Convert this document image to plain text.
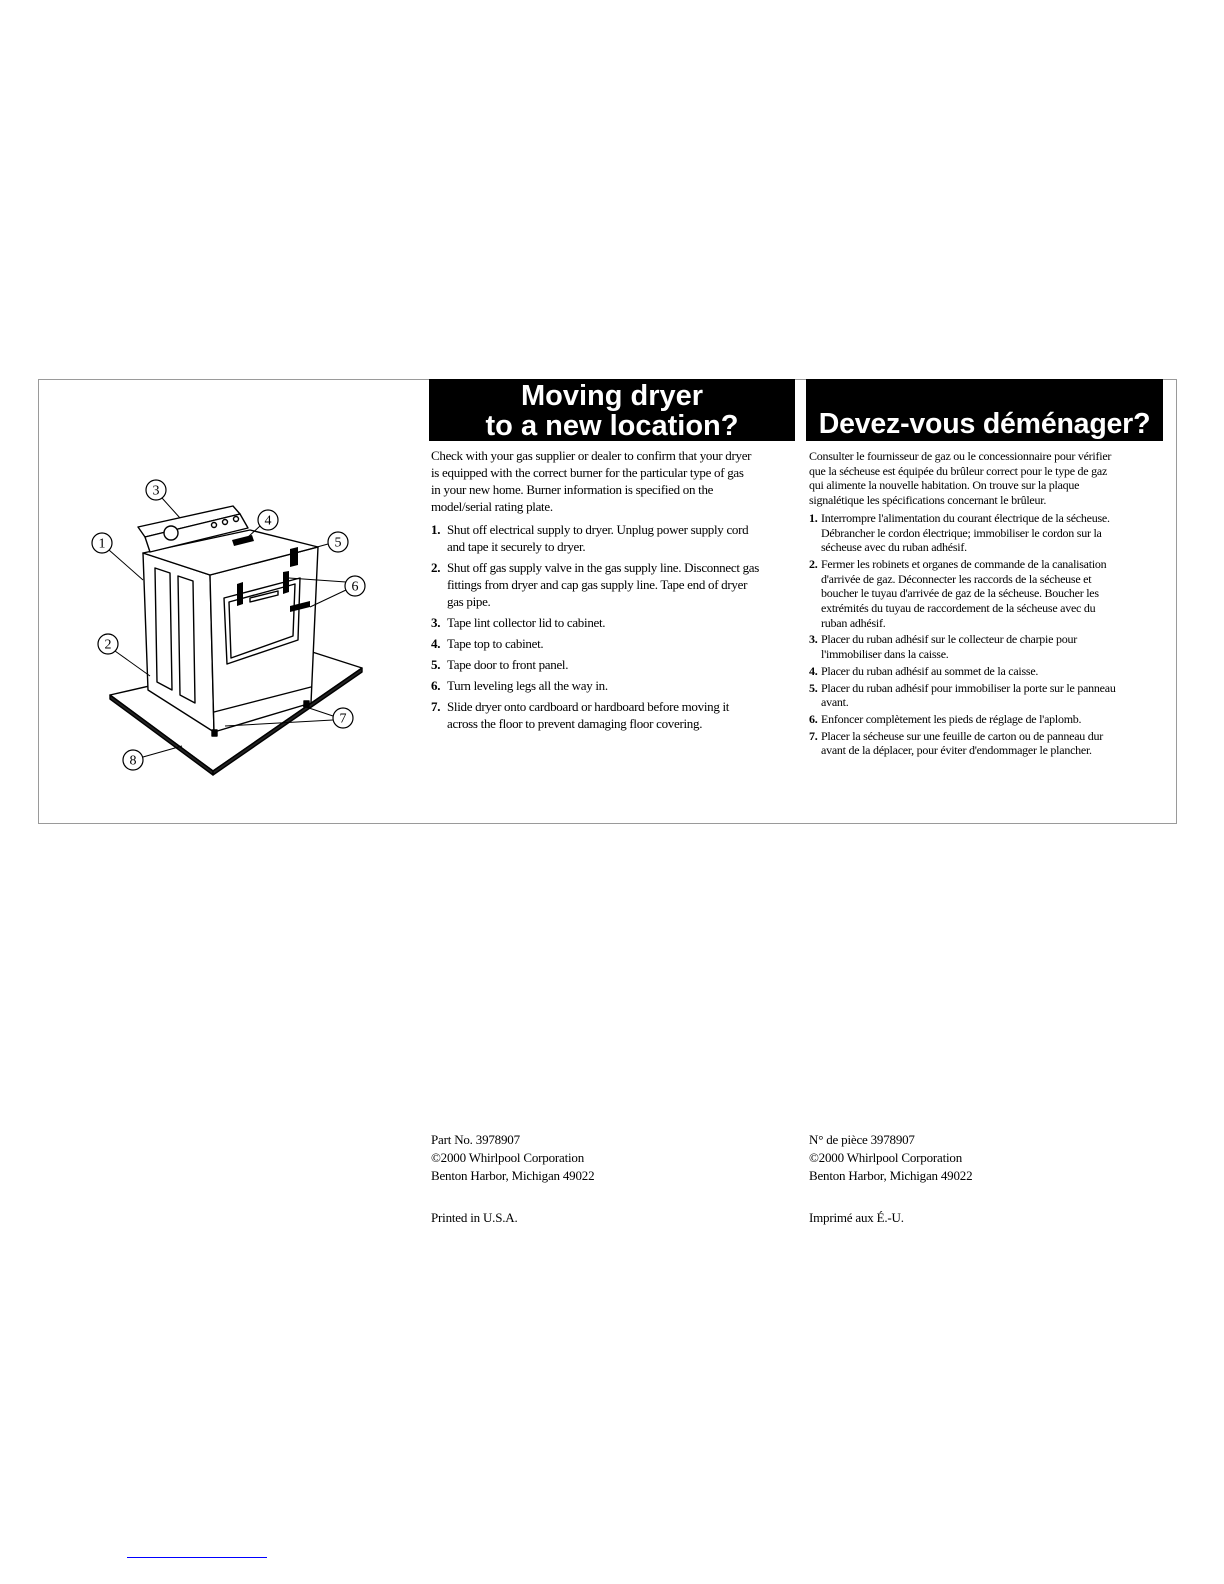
Moving dryer
to a new location?	Devez-vous déménager?
1
2
3
4
5
6
7
8
Check with your gas supplier or dealer to confirm that your dryer
is equipped with the correct burner for the particular type of gas
in your new home. Burner information is specified on the
model/serial rating plate.
1. Shut off electrical supply to dryer. Unplug power supply cord
and tape it securely to dryer.
2. Shut off gas supply valve in the gas supply line. Disconnect gas
fittings from dryer and cap gas supply line. Tape end of dryer
gas pipe.
3. Tape lint collector lid to cabinet.
4. Tape top to cabinet.
5. Tape door to front panel.
6. Turn leveling legs all the way in.
7. Slide dryer onto cardboard or hardboard before moving it
across the floor to prevent damaging floor covering.
Consulter le fournisseur de gaz ou le concessionnaire pour vérifier
que la sécheuse est équipée du brûleur correct pour le type de gaz
qui alimente la nouvelle habitation. On trouve sur la plaque
signalétique les spécifications concernant le brûleur.
1. Interrompre l'alimentation du courant électrique de la sécheuse.
Débrancher le cordon électrique; immobiliser le cordon sur la
sécheuse avec du ruban adhésif.
2. Fermer les robinets et organes de commande de la canalisation
d'arrivée de gaz. Déconnecter les raccords de la sécheuse et
boucher le tuyau d'arrivée de gaz de la sécheuse. Boucher les
extrémités du tuyau de raccordement de la sécheuse avec du
ruban adhésif.
3. Placer du ruban adhésif sur le collecteur de charpie pour
l'immobiliser dans la caisse.
4. Placer du ruban adhésif au sommet de la caisse.
5. Placer du ruban adhésif pour immobiliser la porte sur le panneau
avant.
6. Enfoncer complètement les pieds de réglage de l'aplomb.
7. Placer la sécheuse sur une feuille de carton ou de panneau dur
avant de la déplacer, pour éviter d'endommager le plancher.
Part No. 3978907
©2000 Whirlpool Corporation
Benton Harbor, Michigan 49022
Printed in U.S.A.
N° de pièce 3978907
©2000 Whirlpool Corporation
Benton Harbor, Michigan 49022
Imprimé aux É.-U.
